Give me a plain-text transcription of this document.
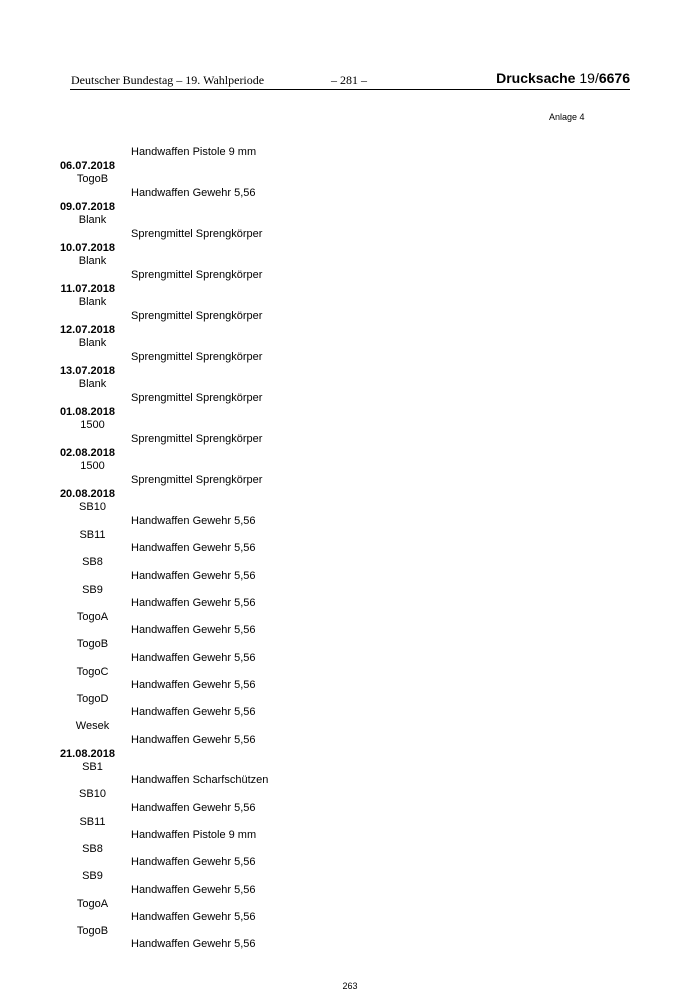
Deutscher Bundestag – 19. Wahlperiode	– 281 –	Drucksache 19/6676
Anlage 4
Handwaffen Pistole 9 mm
06.07.2018
TogoB
Handwaffen Gewehr 5,56
09.07.2018
Blank
Sprengmittel Sprengkörper
10.07.2018
Blank
Sprengmittel Sprengkörper
11.07.2018
Blank
Sprengmittel Sprengkörper
12.07.2018
Blank
Sprengmittel Sprengkörper
13.07.2018
Blank
Sprengmittel Sprengkörper
01.08.2018
1500
Sprengmittel Sprengkörper
02.08.2018
1500
Sprengmittel Sprengkörper
20.08.2018
SB10
Handwaffen Gewehr 5,56
SB11
Handwaffen Gewehr 5,56
SB8
Handwaffen Gewehr 5,56
SB9
Handwaffen Gewehr 5,56
TogoA
Handwaffen Gewehr 5,56
TogoB
Handwaffen Gewehr 5,56
TogoC
Handwaffen Gewehr 5,56
TogoD
Handwaffen Gewehr 5,56
Wesek
Handwaffen Gewehr 5,56
21.08.2018
SB1
Handwaffen Scharfschützen
SB10
Handwaffen Gewehr 5,56
SB11
Handwaffen Pistole 9 mm
SB8
Handwaffen Gewehr 5,56
SB9
Handwaffen Gewehr 5,56
TogoA
Handwaffen Gewehr 5,56
TogoB
Handwaffen Gewehr 5,56
263
